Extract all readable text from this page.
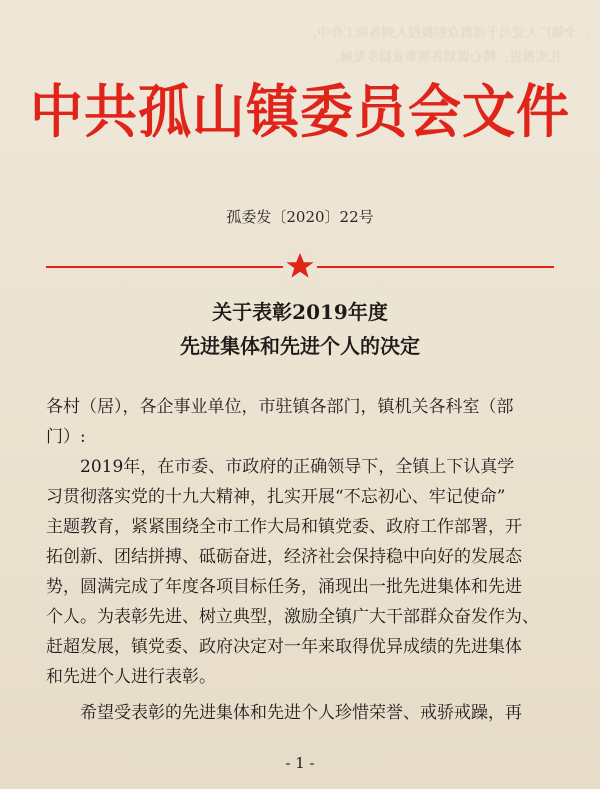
，全镇广大党员干部群众积极投入到各项工作中，
扎实推进，精心谋划各项事业稳步发展。
中共孤山镇委员会文件
孤委发〔2020〕22号
关于表彰2019年度
先进集体和先进个人的决定
各村（居），各企事业单位，市驻镇各部门，镇机关各科室（部
门）:
2019年，在市委、市政府的正确领导下，全镇上下认真学
习贯彻落实党的十九大精神，扎实开展“不忘初心、牢记使命”
主题教育，紧紧围绕全市工作大局和镇党委、政府工作部署，开
拓创新、团结拼搏、砥砺奋进，经济社会保持稳中向好的发展态
势，圆满完成了年度各项目标任务，涌现出一批先进集体和先进
个人。为表彰先进、树立典型，激励全镇广大干部群众奋发作为、
赶超发展，镇党委、政府决定对一年来取得优异成绩的先进集体
和先进个人进行表彰。
希望受表彰的先进集体和先进个人珍惜荣誉、戒骄戒躁，再
- 1 -
